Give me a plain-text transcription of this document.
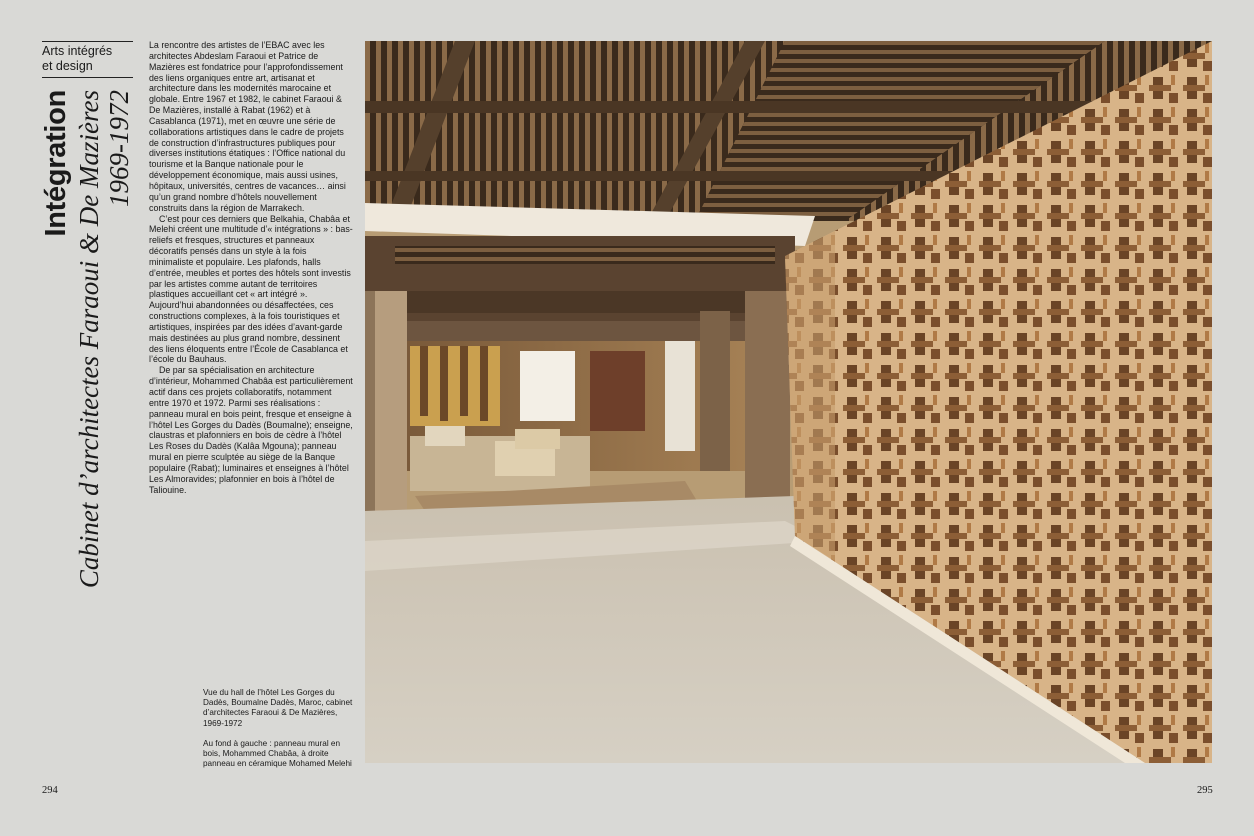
Arts intégrés
et design
Intégration Cabinet d’architectes Faraoui & De Mazières 1969-1972

La rencontre des artistes de l’EBAC avec les architectes Abdeslam Faraoui et Patrice de Mazières est fondatrice pour l’approfondissement des liens organiques entre art, artisanat et architecture dans les modernités marocaine et globale. Entre 1967 et 1982, le cabinet Faraoui & De Mazières, installé à Rabat (1962) et à Casablanca (1971), met en œuvre une série de collaborations artistiques dans le cadre de projets de construction d’infrastructures publiques pour diverses institutions étatiques : l’Office national du tourisme et la Banque nationale pour le développement économique, mais aussi usines, hôpitaux, universités, centres de vacances… ainsi qu’un grand nombre d’hôtels nouvellement construits dans la région de Marrakech.

C’est pour ces derniers que Belkahia, Chabâa et Melehi créent une multitude d’« intégrations » : bas-reliefs et fresques, structures et panneaux décoratifs pensés dans un style à la fois minimaliste et populaire. Les plafonds, halls d’entrée, meubles et portes des hôtels sont investis par les artistes comme autant de territoires plastiques accueillant cet « art intégré ». Aujourd’hui abandonnées ou désaffectées, ces constructions complexes, à la fois touristiques et artistiques, inspirées par des idées d’avant-garde mais destinées au plus grand nombre, dessinent des liens éloquents entre l’École de Casablanca et l’école du Bauhaus.

De par sa spécialisation en architecture d’intérieur, Mohammed Chabâa est particulièrement actif dans ces projets collaboratifs, notamment entre 1970 et 1972. Parmi ses réalisations : panneau mural en bois peint, fresque et enseigne à l’hôtel Les Gorges du Dadès (Boumalne); enseigne, claustras et plafonniers en bois de cèdre à l’hôtel Les Roses du Dadès (Kalâa Mgouna); panneau mural en pierre sculptée au siège de la Banque populaire (Rabat); luminaires et enseignes à l’hôtel Les Almoravides; plafonnier en bois à l’hôtel de Taliouine.

Vue du hall de l’hôtel Les Gorges du Dadès, Boumalne Dadès, Maroc, cabinet d’architectes Faraoui & De Mazières, 1969-1972

Au fond à gauche : panneau mural en bois, Mohammed Chabâa, à droite panneau en céramique Mohamed Melehi

294	295
